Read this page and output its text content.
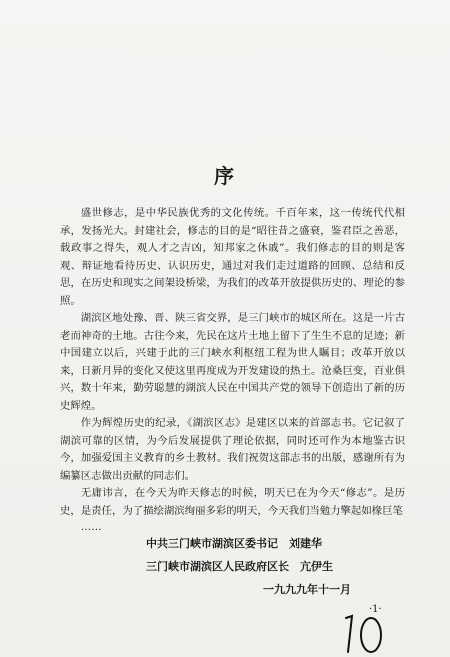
序

盛世修志，是中华民族优秀的文化传统。千百年来，这一传统代代相承，发扬光大。封建社会，修志的目的是“昭往昔之盛衰，鉴君臣之善恶，载政事之得失，观人才之吉凶，知邦家之休戚”。我们修志的目的则是客观、辩证地看待历史、认识历史，通过对我们走过道路的回顾、总结和反思，在历史和现实之间架设桥梁，为我们的改革开放提供历史的、理论的参照。

湖滨区地处豫、晋、陕三省交界，是三门峡市的城区所在。这是一片古老而神奇的土地。古往今来，先民在这片土地上留下了生生不息的足迹；新中国建立以后，兴建于此的三门峡水利枢纽工程为世人瞩目；改革开放以来，日新月异的变化又使这里再度成为开发建设的热土。沧桑巨变，百业俱兴，数十年来，勤劳聪慧的湖滨人民在中国共产党的领导下创造出了新的历史辉煌。

作为辉煌历史的纪录，《湖滨区志》是建区以来的首部志书。它记叙了湖滨可靠的区情，为今后发展提供了理论依据，同时还可作为本地鉴古识今，加强爱国主义教育的乡土教材。我们祝贺这部志书的出版，感谢所有为编纂区志做出贡献的同志们。

无庸讳言，在今天为昨天修志的时候，明天已在为今天“修志”。是历史，是责任，为了描绘湖滨绚丽多彩的明天，今天我们当勉力擎起如椽巨笔

……

中共三门峡市湖滨区委书记　刘建华
三门峡市湖滨区人民政府区长　亢伊生
一九九九年十一月
·1·
